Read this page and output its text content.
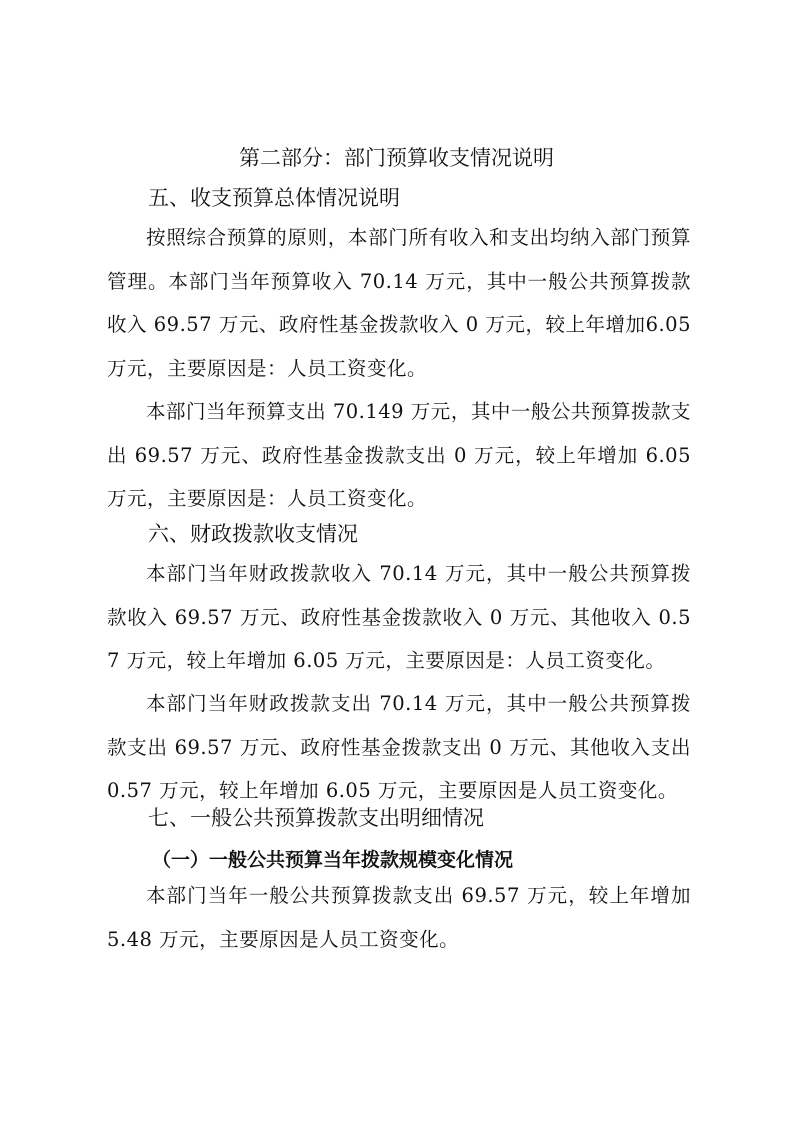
第二部分：部门预算收支情况说明
五、收支预算总体情况说明

按照综合预算的原则，本部门所有收入和支出均纳入部门预算管理。本部门当年预算收入 70.14 万元，其中一般公共预算拨款收入 69.57 万元、政府性基金拨款收入 0 万元，较上年增加6.05 万元，主要原因是：人员工资变化。

本部门当年预算支出 70.149 万元，其中一般公共预算拨款支出 69.57 万元、政府性基金拨款支出 0 万元，较上年增加 6.05 万元，主要原因是：人员工资变化。

六、财政拨款收支情况

本部门当年财政拨款收入 70.14 万元，其中一般公共预算拨款收入 69.57 万元、政府性基金拨款收入 0 万元、其他收入 0.57 万元，较上年增加 6.05 万元，主要原因是：人员工资变化。

本部门当年财政拨款支出 70.14 万元，其中一般公共预算拨款支出 69.57 万元、政府性基金拨款支出 0 万元、其他收入支出 0.57 万元，较上年增加 6.05 万元，主要原因是人员工资变化。

七、一般公共预算拨款支出明细情况
（一）一般公共预算当年拨款规模变化情况

本部门当年一般公共预算拨款支出 69.57 万元，较上年增加 5.48 万元，主要原因是人员工资变化。
